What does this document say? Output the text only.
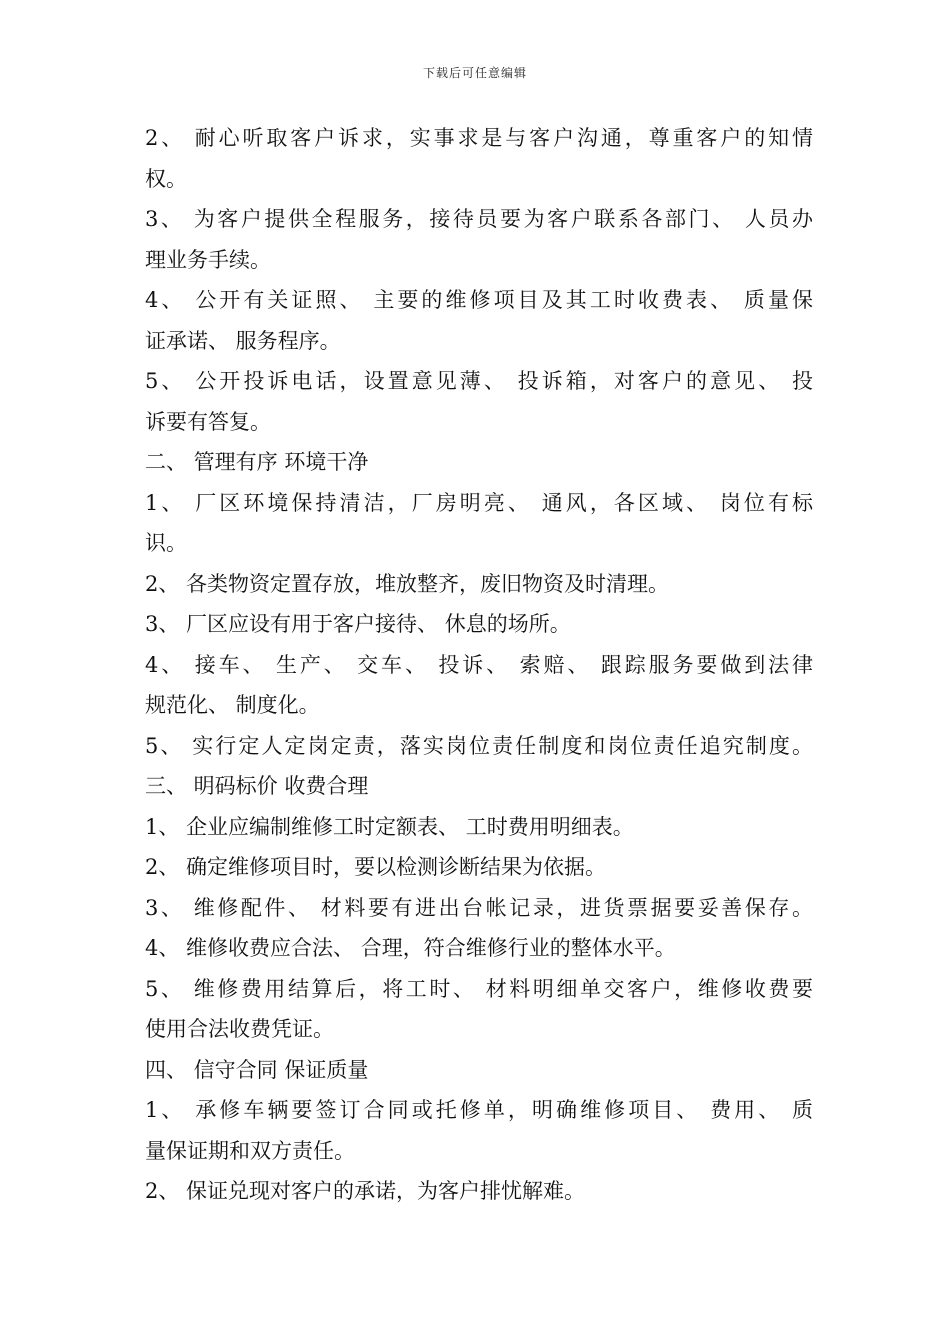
下载后可任意编辑
2、 耐心听取客户诉求，实事求是与客户沟通，尊重客户的知情
权。
3、 为客户提供全程服务，接待员要为客户联系各部门、 人员办
理业务手续。
4、 公开有关证照、 主要的维修项目及其工时收费表、 质量保
证承诺、 服务程序。
5、 公开投诉电话，设置意见薄、 投诉箱，对客户的意见、 投
诉要有答复。
二、 管理有序 环境干净
1、 厂区环境保持清洁，厂房明亮、 通风，各区域、 岗位有标
识。
2、 各类物资定置存放，堆放整齐，废旧物资及时清理。
3、 厂区应设有用于客户接待、 休息的场所。
4、 接车、 生产、 交车、 投诉、 索赔、 跟踪服务要做到法律
规范化、 制度化。
5、 实行定人定岗定责，落实岗位责任制度和岗位责任追究制度。
三、 明码标价 收费合理
1、 企业应编制维修工时定额表、 工时费用明细表。
2、 确定维修项目时，要以检测诊断结果为依据。
3、 维修配件、 材料要有进出台帐记录，进货票据要妥善保存。
4、 维修收费应合法、 合理，符合维修行业的整体水平。
5、 维修费用结算后，将工时、 材料明细单交客户，维修收费要
使用合法收费凭证。
四、 信守合同 保证质量
1、 承修车辆要签订合同或托修单，明确维修项目、 费用、 质
量保证期和双方责任。
2、 保证兑现对客户的承诺，为客户排忧解难。
